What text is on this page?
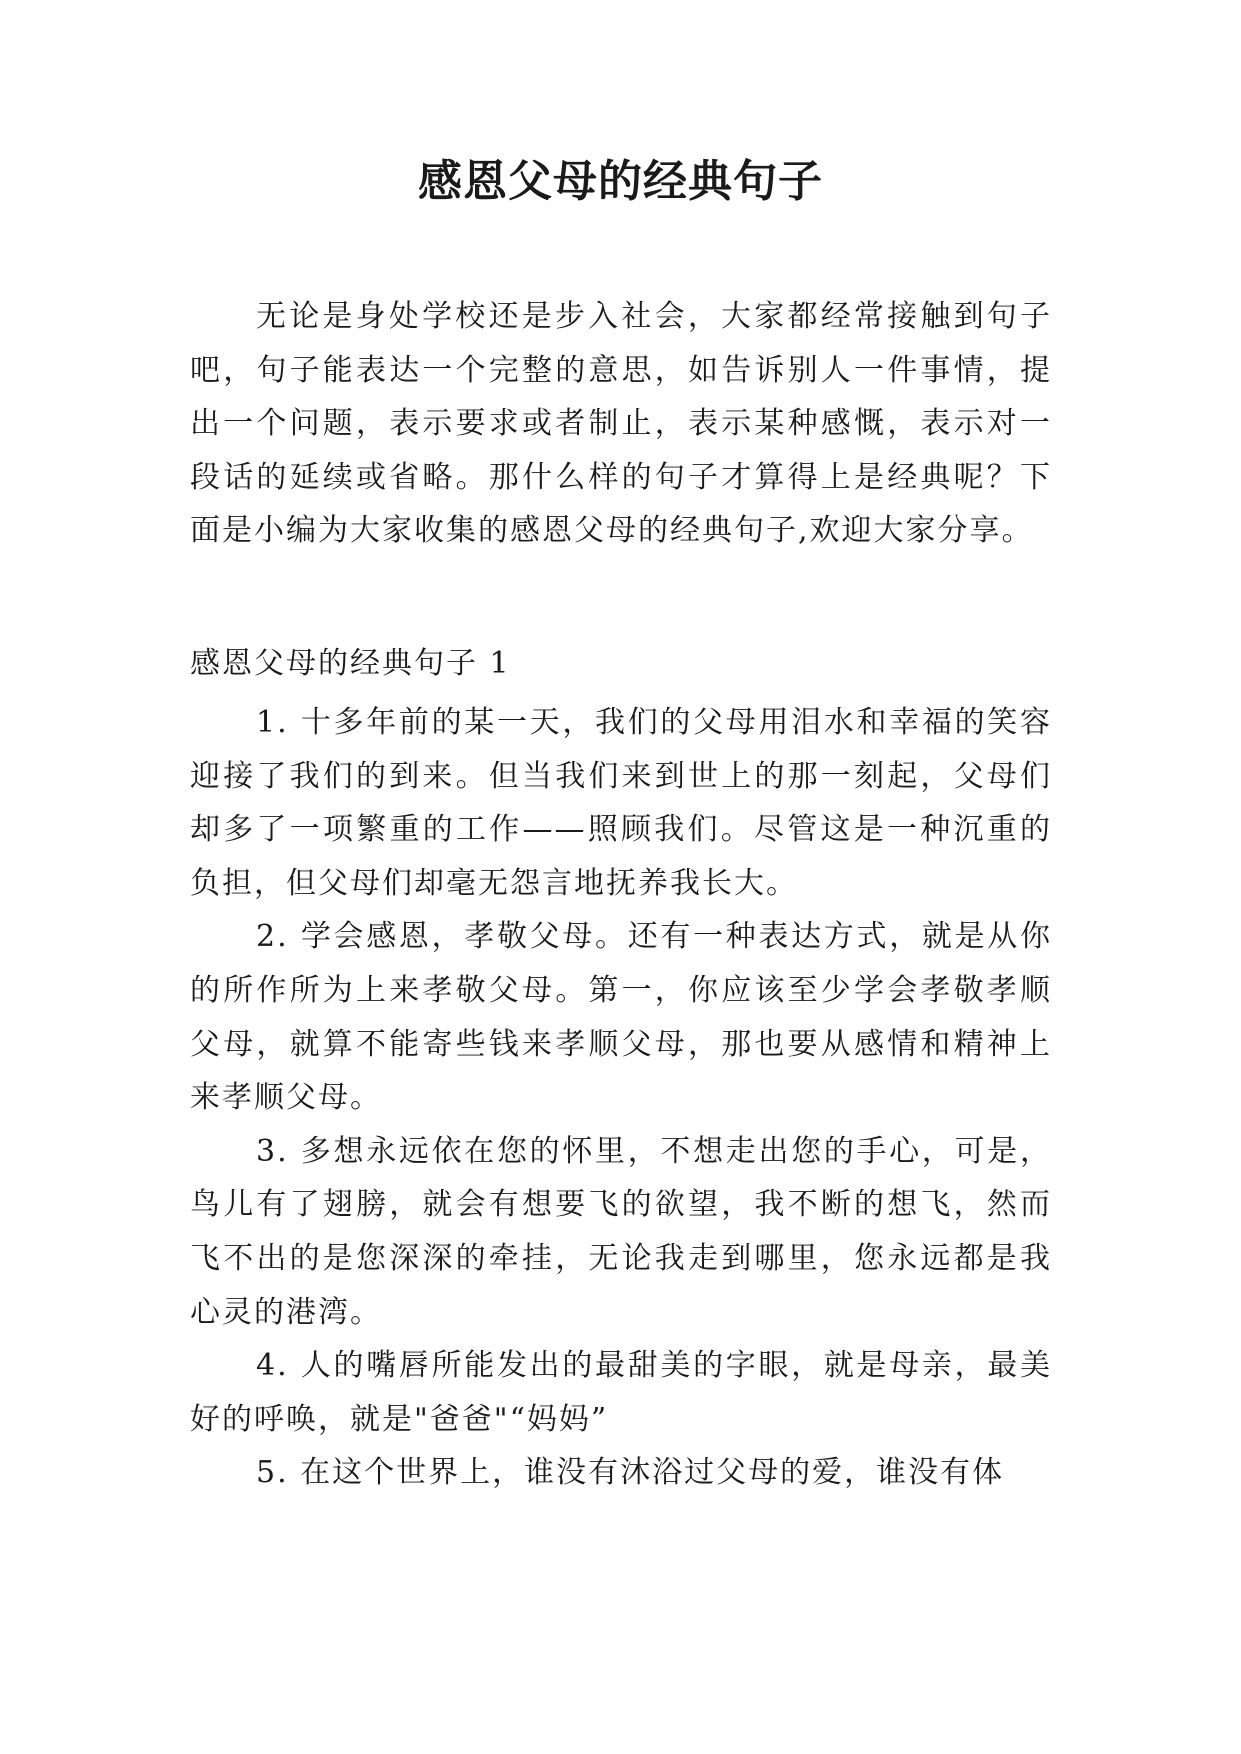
感恩父母的经典句子

无论是身处学校还是步入社会，大家都经常接触到句子吧，句子能表达一个完整的意思，如告诉别人一件事情，提出一个问题，表示要求或者制止，表示某种感慨，表示对一段话的延续或省略。那什么样的句子才算得上是经典呢？下面是小编为大家收集的感恩父母的经典句子,欢迎大家分享。

感恩父母的经典句子 1
1. 十多年前的某一天，我们的父母用泪水和幸福的笑容迎接了我们的到来。但当我们来到世上的那一刻起，父母们却多了一项繁重的工作——照顾我们。尽管这是一种沉重的负担，但父母们却毫无怨言地抚养我长大。
2. 学会感恩，孝敬父母。还有一种表达方式，就是从你的所作所为上来孝敬父母。第一，你应该至少学会孝敬孝顺父母，就算不能寄些钱来孝顺父母，那也要从感情和精神上来孝顺父母。
3. 多想永远依在您的怀里，不想走出您的手心，可是，鸟儿有了翅膀，就会有想要飞的欲望，我不断的想飞，然而飞不出的是您深深的牵挂，无论我走到哪里，您永远都是我心灵的港湾。
4. 人的嘴唇所能发出的最甜美的字眼，就是母亲，最美好的呼唤，就是"爸爸"“妈妈”
5. 在这个世界上，谁没有沐浴过父母的爱，谁没有体
